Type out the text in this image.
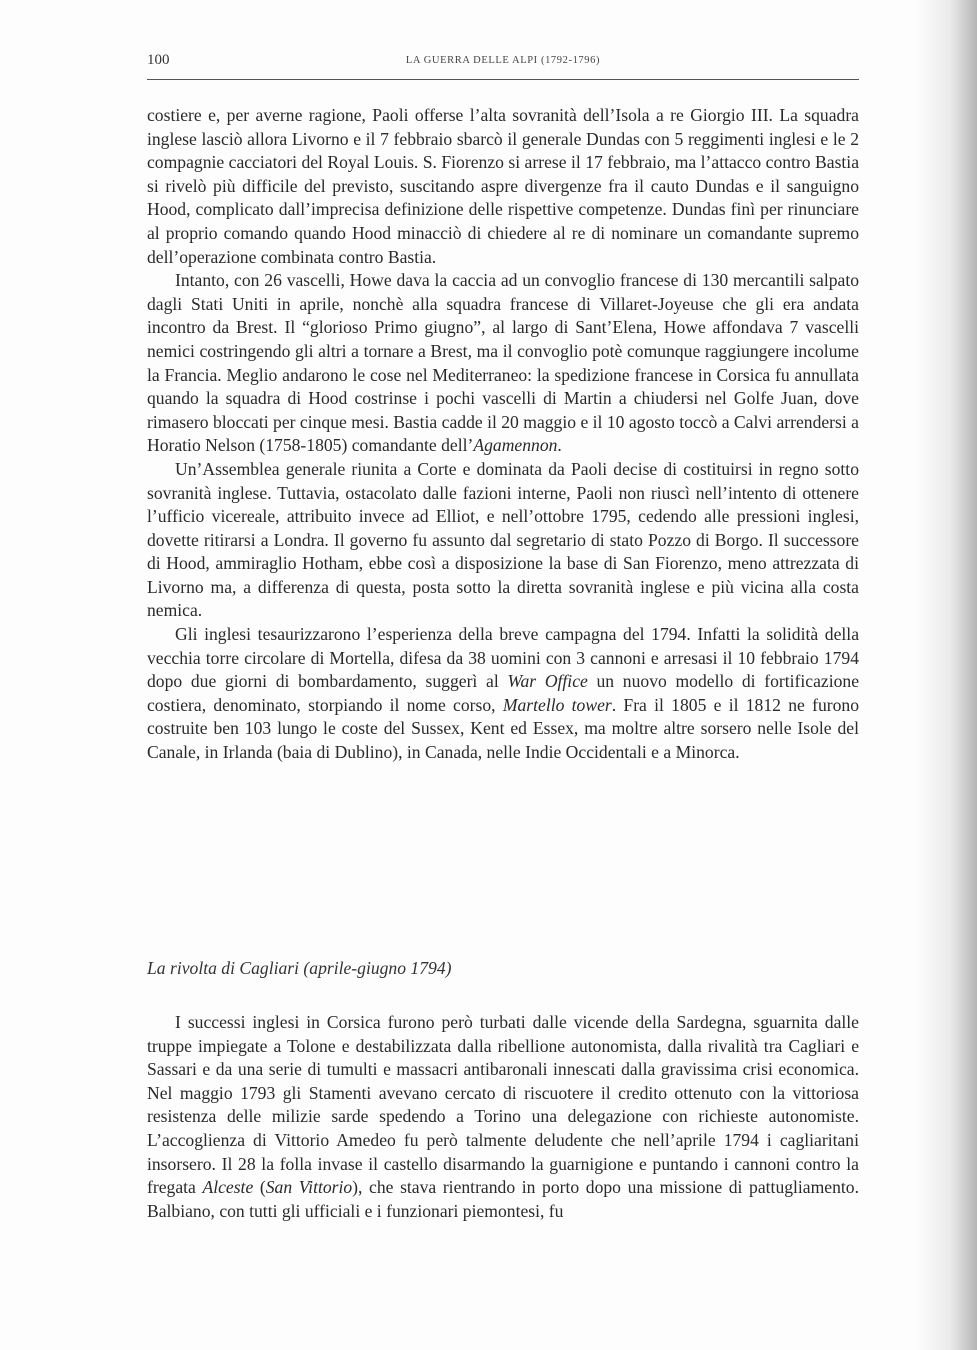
100	LA GUERRA DELLE ALPI (1792-1796)

costiere e, per averne ragione, Paoli offerse l’alta sovranità dell’Isola a re Giorgio III. La squadra inglese lasciò allora Livorno e il 7 febbraio sbarcò il generale Dundas con 5 reggimenti inglesi e le 2 compagnie cacciatori del Royal Louis. S. Fiorenzo si arrese il 17 febbraio, ma l’attacco contro Bastia si rivelò più difficile del previsto, suscitando aspre divergenze fra il cauto Dundas e il sanguigno Hood, complicato dall’imprecisa definizione delle rispettive competenze. Dundas finì per rinunciare al proprio comando quando Hood minacciò di chiedere al re di nominare un comandante supremo dell’operazione combinata contro Bastia.

Intanto, con 26 vascelli, Howe dava la caccia ad un convoglio francese di 130 mercantili salpato dagli Stati Uniti in aprile, nonchè alla squadra francese di Villaret-Joyeuse che gli era andata incontro da Brest. Il “glorioso Primo giugno”, al largo di Sant’Elena, Howe affondava 7 vascelli nemici costringendo gli altri a tornare a Brest, ma il convoglio potè comunque raggiungere incolume la Francia. Meglio andarono le cose nel Mediterraneo: la spedizione francese in Corsica fu annullata quando la squadra di Hood costrinse i pochi vascelli di Martin a chiudersi nel Golfe Juan, dove rimasero bloccati per cinque mesi. Bastia cadde il 20 maggio e il 10 agosto toccò a Calvi arrendersi a Horatio Nelson (1758-1805) comandante dell’Agamennon.

Un’Assemblea generale riunita a Corte e dominata da Paoli decise di costituirsi in regno sotto sovranità inglese. Tuttavia, ostacolato dalle fazioni interne, Paoli non riuscì nell’intento di ottenere l’ufficio vicereale, attribuito invece ad Elliot, e nell’ottobre 1795, cedendo alle pressioni inglesi, dovette ritirarsi a Londra. Il governo fu assunto dal segretario di stato Pozzo di Borgo. Il successore di Hood, ammiraglio Hotham, ebbe così a disposizione la base di San Fiorenzo, meno attrezzata di Livorno ma, a differenza di questa, posta sotto la diretta sovranità inglese e più vicina alla costa nemica.

Gli inglesi tesaurizzarono l’esperienza della breve campagna del 1794. Infatti la solidità della vecchia torre circolare di Mortella, difesa da 38 uomini con 3 cannoni e arresasi il 10 febbraio 1794 dopo due giorni di bombardamento, suggerì al War Office un nuovo modello di fortificazione costiera, denominato, storpiando il nome corso, Martello tower. Fra il 1805 e il 1812 ne furono costruite ben 103 lungo le coste del Sussex, Kent ed Essex, ma moltre altre sorsero nelle Isole del Canale, in Irlanda (baia di Dublino), in Canada, nelle Indie Occidentali e a Minorca.

La rivolta di Cagliari (aprile-giugno 1794)

I successi inglesi in Corsica furono però turbati dalle vicende della Sardegna, sguarnita dalle truppe impiegate a Tolone e destabilizzata dalla ribellione autonomista, dalla rivalità tra Cagliari e Sassari e da una serie di tumulti e massacri antibaronali innescati dalla gravissima crisi economica. Nel maggio 1793 gli Stamenti avevano cercato di riscuotere il credito ottenuto con la vittoriosa resistenza delle milizie sarde spedendo a Torino una delegazione con richieste autonomiste. L’accoglienza di Vittorio Amedeo fu però talmente deludente che nell’aprile 1794 i cagliaritani insorsero. Il 28 la folla invase il castello disarmando la guarnigione e puntando i cannoni contro la fregata Alceste (San Vittorio), che stava rientrando in porto dopo una missione di pattugliamento. Balbiano, con tutti gli ufficiali e i funzionari piemontesi, fu
